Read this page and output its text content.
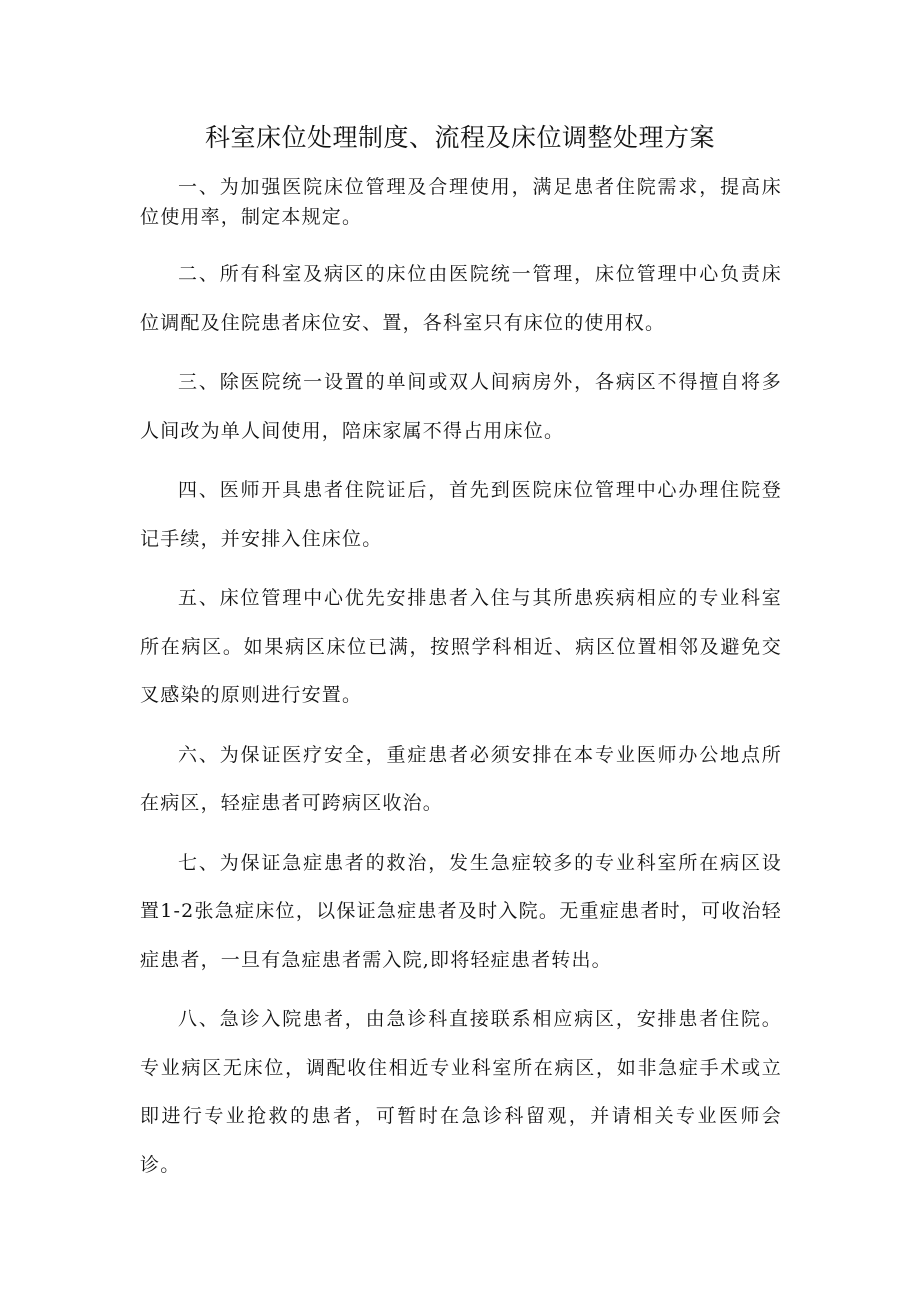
科室床位处理制度、流程及床位调整处理方案

一、为加强医院床位管理及合理使用，满足患者住院需求，提高床位使用率，制定本规定。

二、所有科室及病区的床位由医院统一管理，床位管理中心负责床位调配及住院患者床位安、置，各科室只有床位的使用权。

三、除医院统一设置的单间或双人间病房外，各病区不得擅自将多人间改为单人间使用，陪床家属不得占用床位。

四、医师开具患者住院证后，首先到医院床位管理中心办理住院登记手续，并安排入住床位。

五、床位管理中心优先安排患者入住与其所患疾病相应的专业科室所在病区。如果病区床位已满，按照学科相近、病区位置相邻及避免交叉感染的原则进行安置。

六、为保证医疗安全，重症患者必须安排在本专业医师办公地点所在病区，轻症患者可跨病区收治。

七、为保证急症患者的救治，发生急症较多的专业科室所在病区设置1-2张急症床位，以保证急症患者及时入院。无重症患者时，可收治轻症患者，一旦有急症患者需入院,即将轻症患者转出。

八、急诊入院患者，由急诊科直接联系相应病区，安排患者住院。专业病区无床位，调配收住相近专业科室所在病区，如非急症手术或立即进行专业抢救的患者，可暂时在急诊科留观，并请相关专业医师会诊。
